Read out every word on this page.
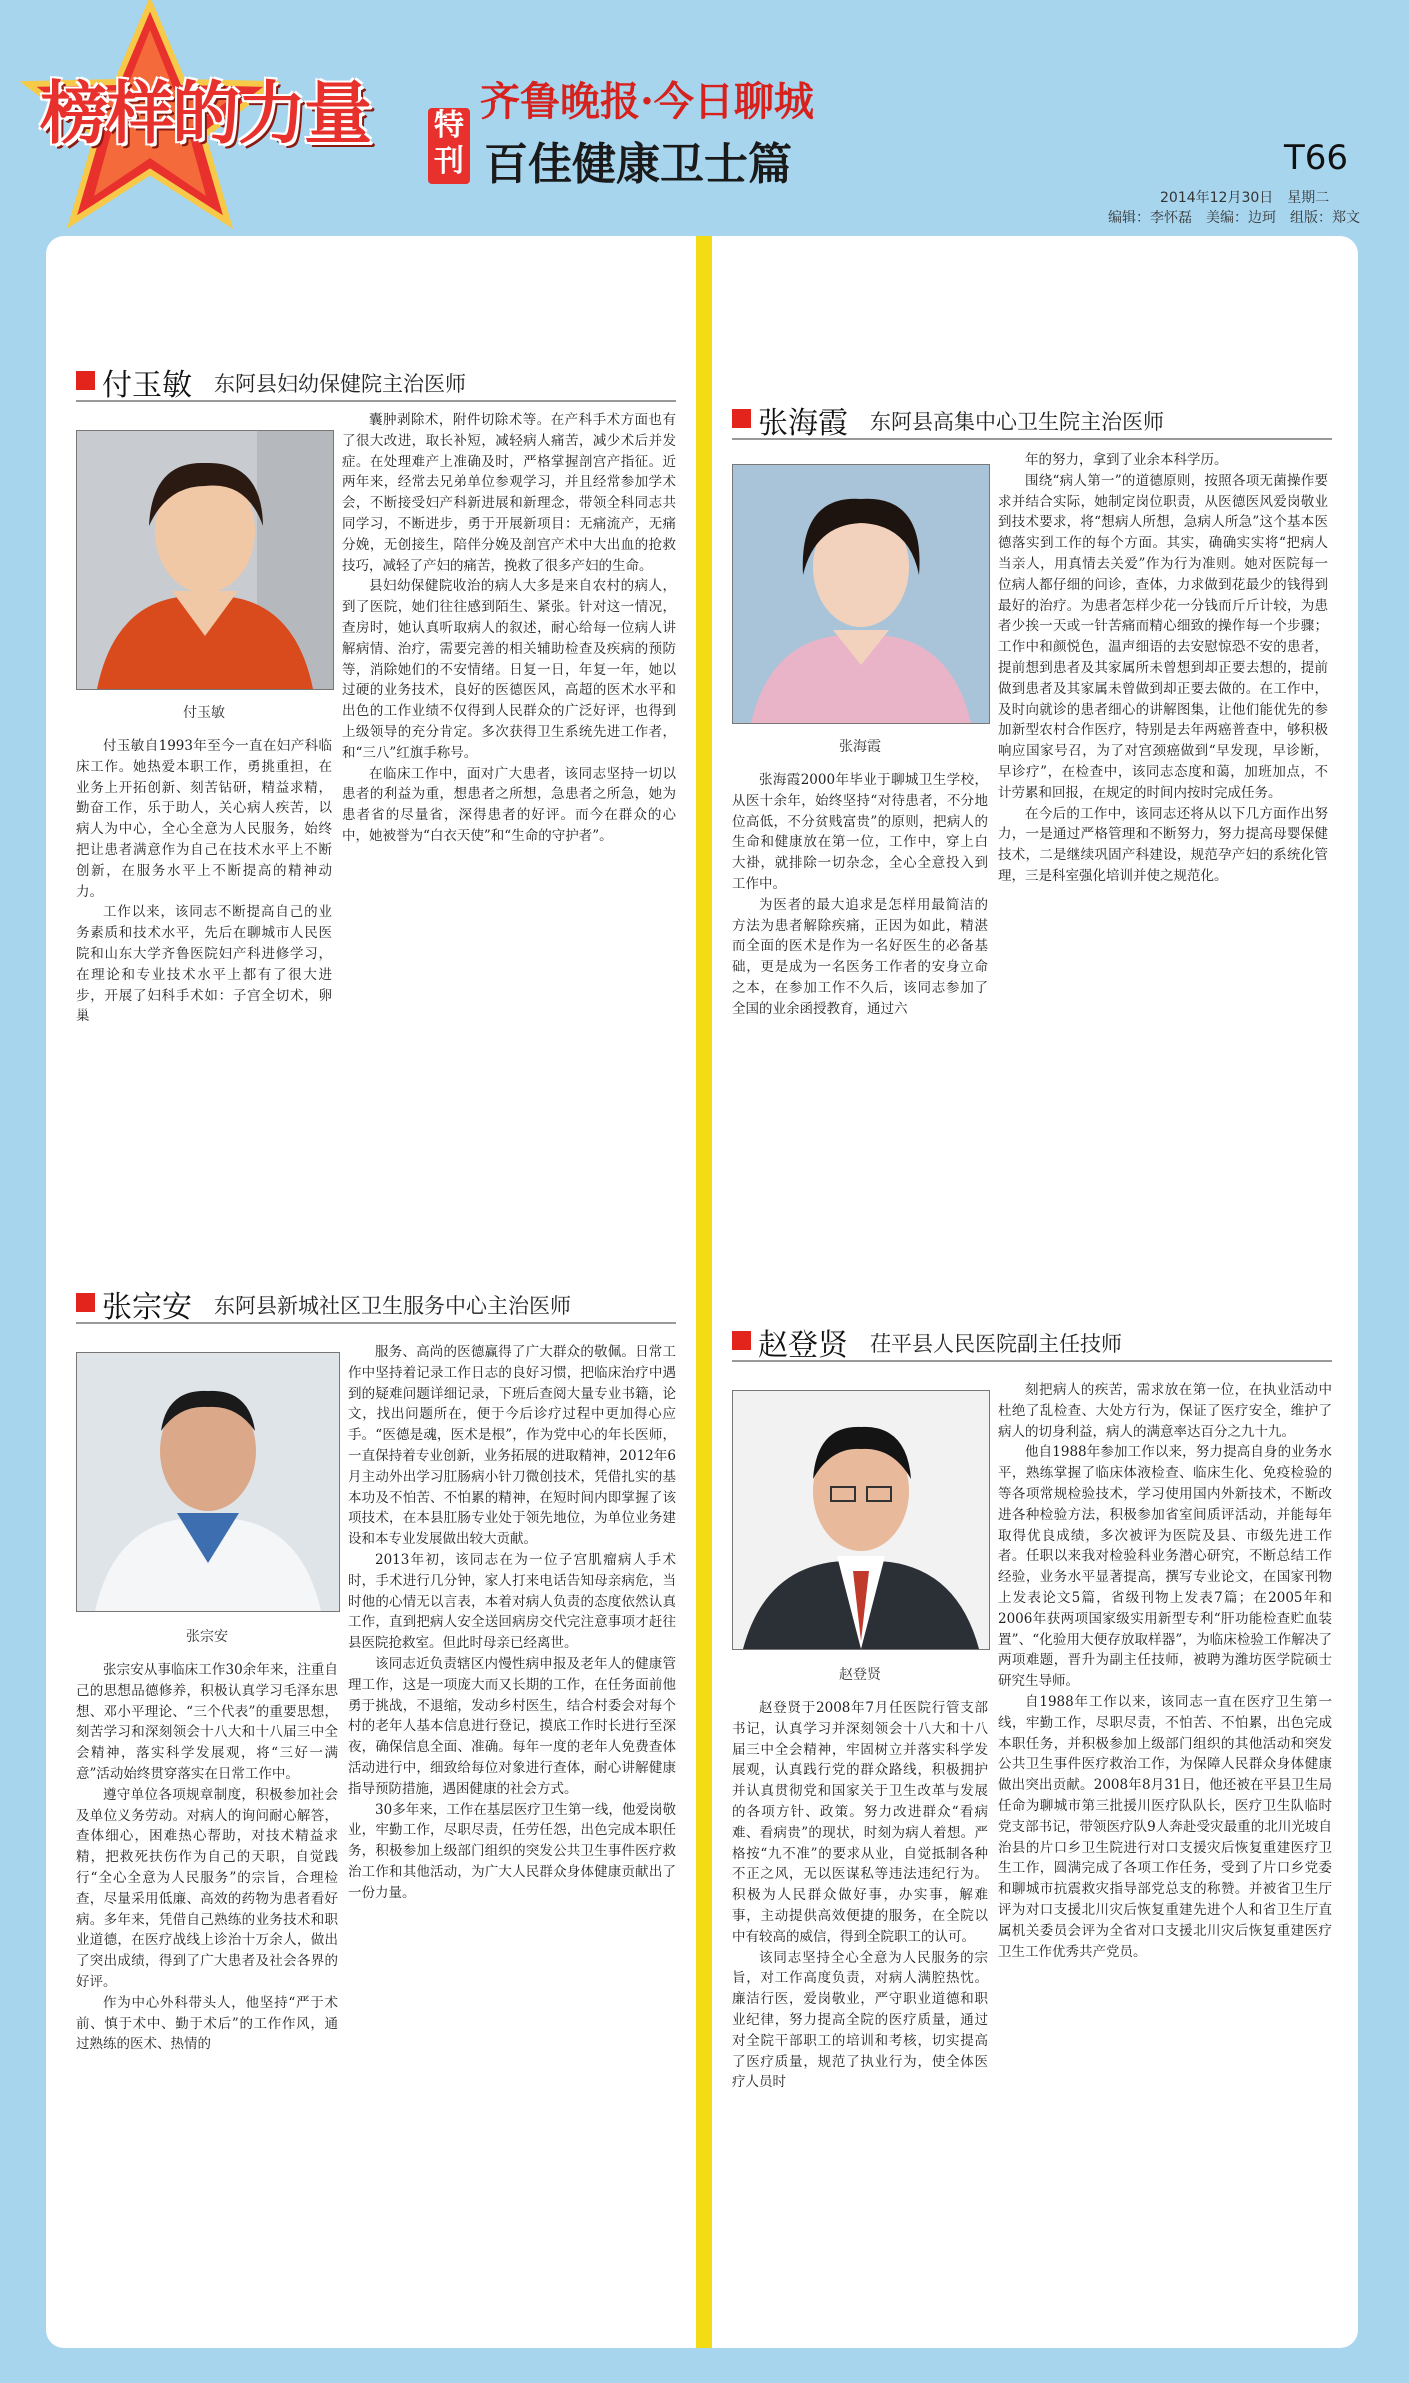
榜样的力量 特刊
齐鲁晚报·今日聊城
百佳健康卫士篇	T66
2014年12月30日　星期二
编辑：李怀磊　美编：边珂　组版：郑文
付玉敏 东阿县妇幼保健院主治医师
付玉敏

付玉敏自1993年至今一直在妇产科临床工作。她热爱本职工作，勇挑重担，在业务上开拓创新、刻苦钻研，精益求精，勤奋工作，乐于助人，关心病人疾苦，以病人为中心，全心全意为人民服务，始终把让患者满意作为自己在技术水平上不断创新，在服务水平上不断提高的精神动力。

工作以来，该同志不断提高自己的业务素质和技术水平，先后在聊城市人民医院和山东大学齐鲁医院妇产科进修学习，在理论和专业技术水平上都有了很大进步，开展了妇科手术如：子宫全切术，卵巢

囊肿剥除术，附件切除术等。在产科手术方面也有了很大改进，取长补短，减轻病人痛苦，减少术后并发症。在处理难产上准确及时，严格掌握剖宫产指征。近两年来，经常去兄弟单位参观学习，并且经常参加学术会，不断接受妇产科新进展和新理念，带领全科同志共同学习，不断进步，勇于开展新项目：无痛流产，无痛分娩，无创接生，陪伴分娩及剖宫产术中大出血的抢救技巧，减轻了产妇的痛苦，挽救了很多产妇的生命。

县妇幼保健院收治的病人大多是来自农村的病人，到了医院，她们往往感到陌生、紧张。针对这一情况，查房时，她认真听取病人的叙述，耐心给每一位病人讲解病情、治疗，需要完善的相关辅助检查及疾病的预防等，消除她们的不安情绪。日复一日，年复一年，她以过硬的业务技术，良好的医德医风，高超的医术水平和出色的工作业绩不仅得到人民群众的广泛好评，也得到上级领导的充分肯定。多次获得卫生系统先进工作者，和“三八”红旗手称号。

在临床工作中，面对广大患者，该同志坚持一切以患者的利益为重，想患者之所想，急患者之所急，她为患者省的尽量省，深得患者的好评。而今在群众的心中，她被誉为“白衣天使”和“生命的守护者”。

张海霞 东阿县高集中心卫生院主治医师
张海霞

张海霞2000年毕业于聊城卫生学校，从医十余年，始终坚持“对待患者，不分地位高低，不分贫贱富贵”的原则，把病人的生命和健康放在第一位，工作中，穿上白大褂，就排除一切杂念，全心全意投入到工作中。

为医者的最大追求是怎样用最简洁的方法为患者解除疾痛，正因为如此，精湛而全面的医术是作为一名好医生的必备基础，更是成为一名医务工作者的安身立命之本，在参加工作不久后，该同志参加了全国的业余函授教育，通过六

年的努力，拿到了业余本科学历。

围绕“病人第一”的道德原则，按照各项无菌操作要求并结合实际，她制定岗位职责，从医德医风爱岗敬业到技术要求，将“想病人所想，急病人所急”这个基本医德落实到工作的每个方面。其实，确确实实将“把病人当亲人，用真情去关爱”作为行为准则。她对医院每一位病人都仔细的问诊，查体，力求做到花最少的钱得到最好的治疗。为患者怎样少花一分钱而斤斤计较，为患者少挨一天或一针苦痛而精心细致的操作每一个步骤；工作中和颜悦色，温声细语的去安慰惊恐不安的患者，提前想到患者及其家属所未曾想到却正要去想的，提前做到患者及其家属未曾做到却正要去做的。在工作中，及时向就诊的患者细心的讲解图集，让他们能优先的参加新型农村合作医疗，特别是去年两癌普查中，够积极响应国家号召，为了对宫颈癌做到“早发现，早诊断，早诊疗”，在检查中，该同志态度和蔼，加班加点，不计劳累和回报，在规定的时间内按时完成任务。

在今后的工作中，该同志还将从以下几方面作出努力，一是通过严格管理和不断努力，努力提高母婴保健技术，二是继续巩固产科建设，规范孕产妇的系统化管理，三是科室强化培训并使之规范化。

张宗安 东阿县新城社区卫生服务中心主治医师
张宗安

张宗安从事临床工作30余年来，注重自己的思想品德修养，积极认真学习毛泽东思想、邓小平理论、“三个代表”的重要思想，刻苦学习和深刻领会十八大和十八届三中全会精神，落实科学发展观，将“三好一满意”活动始终贯穿落实在日常工作中。

遵守单位各项规章制度，积极参加社会及单位义务劳动。对病人的询问耐心解答，查体细心，困难热心帮助，对技术精益求精，把救死扶伤作为自己的天职，自觉践行“全心全意为人民服务”的宗旨，合理检查，尽量采用低廉、高效的药物为患者看好病。多年来，凭借自己熟练的业务技术和职业道德，在医疗战线上诊治十万余人，做出了突出成绩，得到了广大患者及社会各界的好评。

作为中心外科带头人，他坚持“严于术前、慎于术中、勤于术后”的工作作风，通过熟练的医术、热情的

服务、高尚的医德赢得了广大群众的敬佩。日常工作中坚持着记录工作日志的良好习惯，把临床治疗中遇到的疑难问题详细记录，下班后查阅大量专业书籍，论文，找出问题所在，便于今后诊疗过程中更加得心应手。“医德是魂，医术是根”，作为党中心的年长医师，一直保持着专业创新，业务拓展的进取精神，2012年6月主动外出学习肛肠病小针刀微创技术，凭借扎实的基本功及不怕苦、不怕累的精神，在短时间内即掌握了该项技术，在本县肛肠专业处于领先地位，为单位业务建设和本专业发展做出较大贡献。

2013年初，该同志在为一位子宫肌瘤病人手术时，手术进行几分钟，家人打来电话告知母亲病危，当时他的心情无以言表，本着对病人负责的态度依然认真工作，直到把病人安全送回病房交代完注意事项才赶往县医院抢救室。但此时母亲已经离世。

该同志近负责辖区内慢性病申报及老年人的健康管理工作，这是一项庞大而又长期的工作，在任务面前他勇于挑战，不退缩，发动乡村医生，结合村委会对每个村的老年人基本信息进行登记，摸底工作时长进行至深夜，确保信息全面、准确。每年一度的老年人免费查体活动进行中，细致给每位对象进行查体，耐心讲解健康指导预防措施，遇困健康的社会方式。

30多年来，工作在基层医疗卫生第一线，他爱岗敬业，牢勤工作，尽职尽责，任劳任怨，出色完成本职任务，积极参加上级部门组织的突发公共卫生事件医疗救治工作和其他活动，为广大人民群众身体健康贡献出了一份力量。

赵登贤 茌平县人民医院副主任技师
赵登贤

赵登贤于2008年7月任医院行管支部书记，认真学习并深刻领会十八大和十八届三中全会精神，牢固树立并落实科学发展观，认真践行党的群众路线，积极拥护并认真贯彻党和国家关于卫生改革与发展的各项方针、政策。努力改进群众“看病难、看病贵”的现状，时刻为病人着想。严格按“九不准”的要求从业，自觉抵制各种不正之风，无以医谋私等违法违纪行为。积极为人民群众做好事，办实事，解难事，主动提供高效便捷的服务，在全院以中有较高的威信，得到全院职工的认可。

该同志坚持全心全意为人民服务的宗旨，对工作高度负责，对病人满腔热忱。廉洁行医，爱岗敬业，严守职业道德和职业纪律，努力提高全院的医疗质量，通过对全院干部职工的培训和考核，切实提高了医疗质量，规范了执业行为，使全体医疗人员时

刻把病人的疾苦，需求放在第一位，在执业活动中杜绝了乱检查、大处方行为，保证了医疗安全，维护了病人的切身利益，病人的满意率达百分之九十九。

他自1988年参加工作以来，努力提高自身的业务水平，熟练掌握了临床体液检查、临床生化、免疫检验的等各项常规检验技术，学习使用国内外新技术，不断改进各种检验方法，积极参加省室间质评活动，并能每年取得优良成绩，多次被评为医院及县、市级先进工作者。任职以来我对检验科业务潜心研究，不断总结工作经验，业务水平显著提高，撰写专业论文，在国家刊物上发表论文5篇，省级刊物上发表7篇；在2005年和2006年获两项国家级实用新型专利“肝功能检查贮血装置”、“化验用大便存放取样器”，为临床检验工作解决了两项难题，晋升为副主任技师，被聘为潍坊医学院硕士研究生导师。

自1988年工作以来，该同志一直在医疗卫生第一线，牢勤工作，尽职尽责，不怕苦、不怕累，出色完成本职任务，并积极参加上级部门组织的其他活动和突发公共卫生事件医疗救治工作，为保障人民群众身体健康做出突出贡献。2008年8月31日，他还被在平县卫生局任命为聊城市第三批援川医疗队队长，医疗卫生队临时党支部书记，带领医疗队9人奔赴受灾最重的北川光坡自治县的片口乡卫生院进行对口支援灾后恢复重建医疗卫生工作，圆满完成了各项工作任务，受到了片口乡党委和聊城市抗震救灾指导部党总支的称赞。并被省卫生厅评为对口支援北川灾后恢复重建先进个人和省卫生厅直属机关委员会评为全省对口支援北川灾后恢复重建医疗卫生工作优秀共产党员。
